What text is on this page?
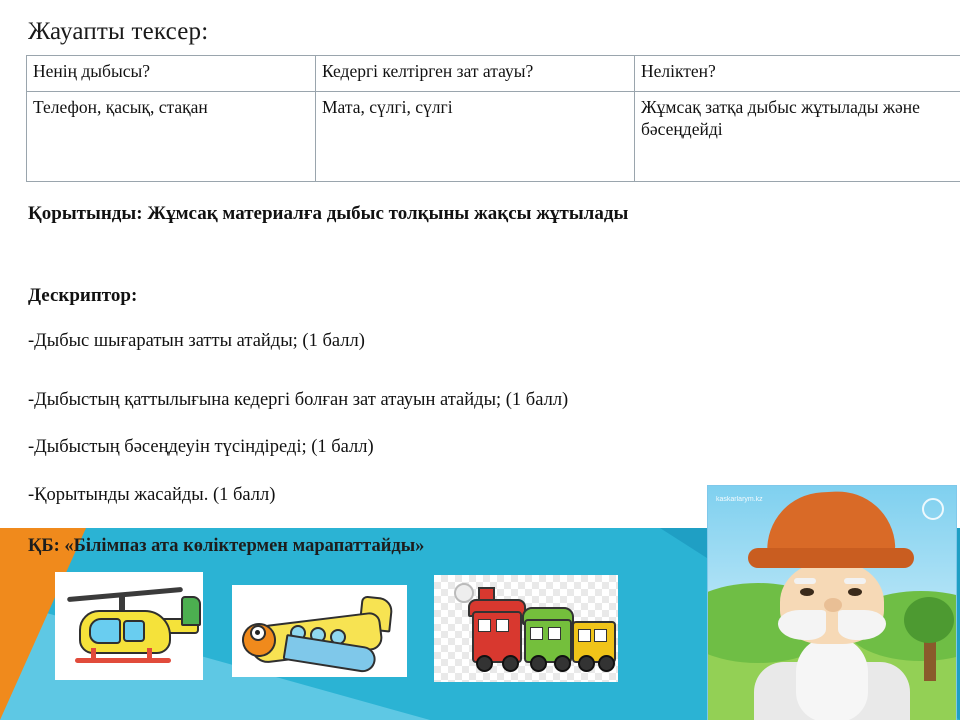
Жауапты тексер:
Ненің дыбысы?	Кедергі келтірген зат атауы?	Неліктен?
Телефон, қасық, стақан	Мата, сүлгі, сүлгі	Жұмсақ затқа дыбыс жұтылады және бәсеңдейді
Қорытынды: Жұмсақ материалға дыбыс толқыны жақсы жұтылады
Дескриптор:
-Дыбыс шығаратын затты атайды; (1 балл)
-Дыбыстың қаттылығына кедергі болған зат атауын атайды; (1 балл)
-Дыбыстың бәсеңдеуін түсіндіреді; (1 балл)
-Қорытынды жасайды. (1 балл)
ҚБ: «Білімпаз ата көліктермен марапаттайды»
kaskarlarym.kz
